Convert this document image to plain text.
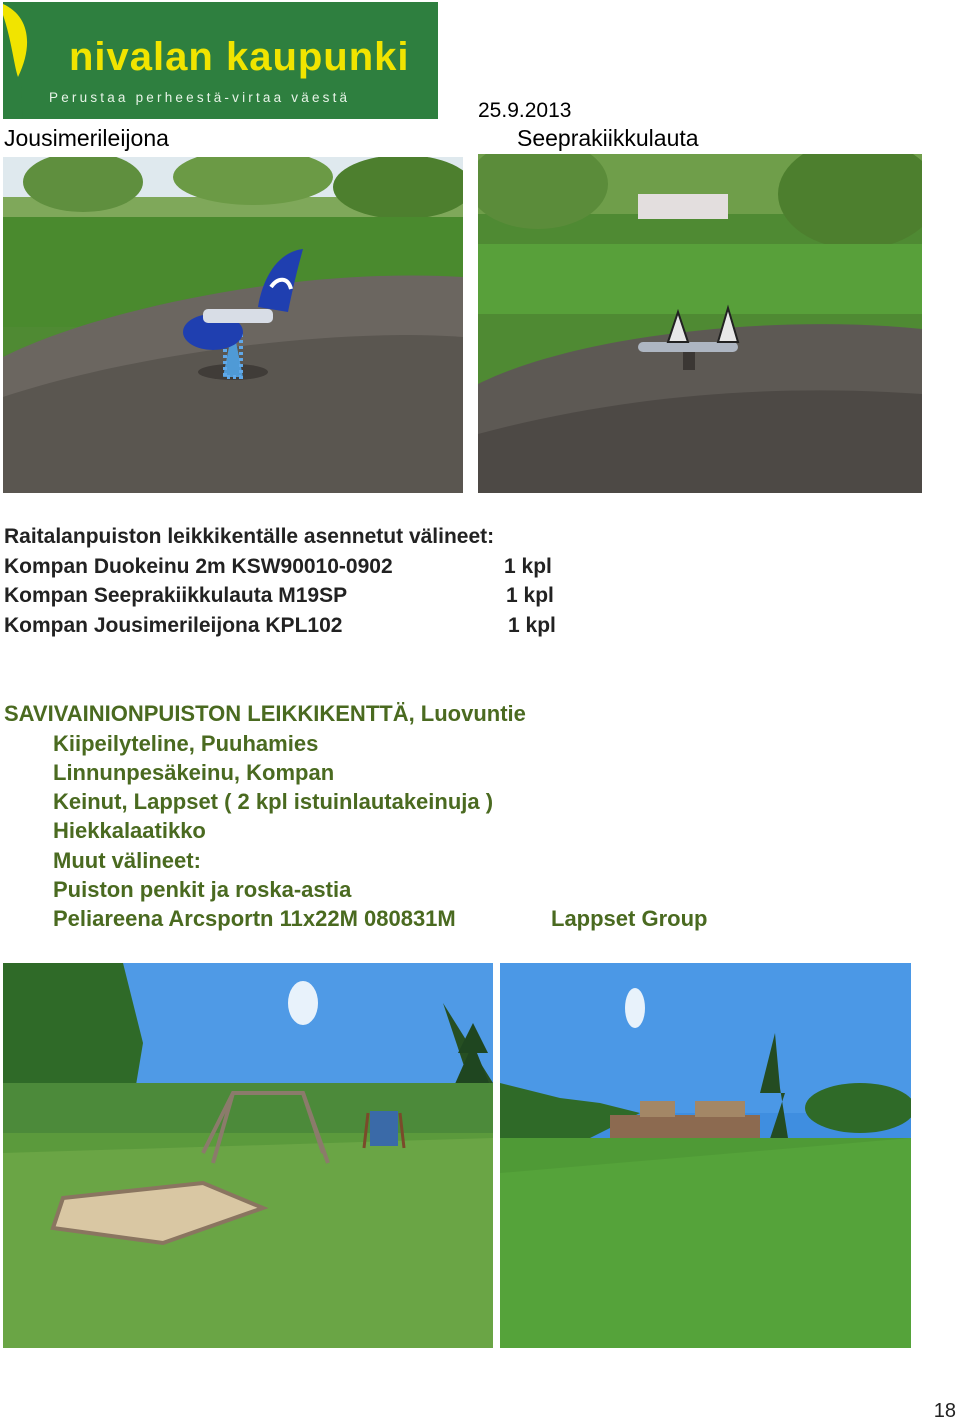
nivalan kaupunki
Perustaa perheestä-virtaa väestä
25.9.2013
Jousimerileijona	Seeprakiikkulauta
Raitalanpuiston leikkikentälle asennetut välineet:
Kompan Duokeinu 2m KSW90010-0902	1 kpl
Kompan Seeprakiikkulauta M19SP	1 kpl
Kompan Jousimerileijona KPL102	1 kpl
SAVIVAINIONPUISTON LEIKKIKENTTÄ, Luovuntie
Kiipeilyteline, Puuhamies
Linnunpesäkeinu, Kompan
Keinut, Lappset ( 2 kpl istuinlautakeinuja )
Hiekkalaatikko
Muut välineet:
Puiston penkit ja roska-astia
Peliareena Arcsportn 11x22M 080831M	Lappset Group
18
